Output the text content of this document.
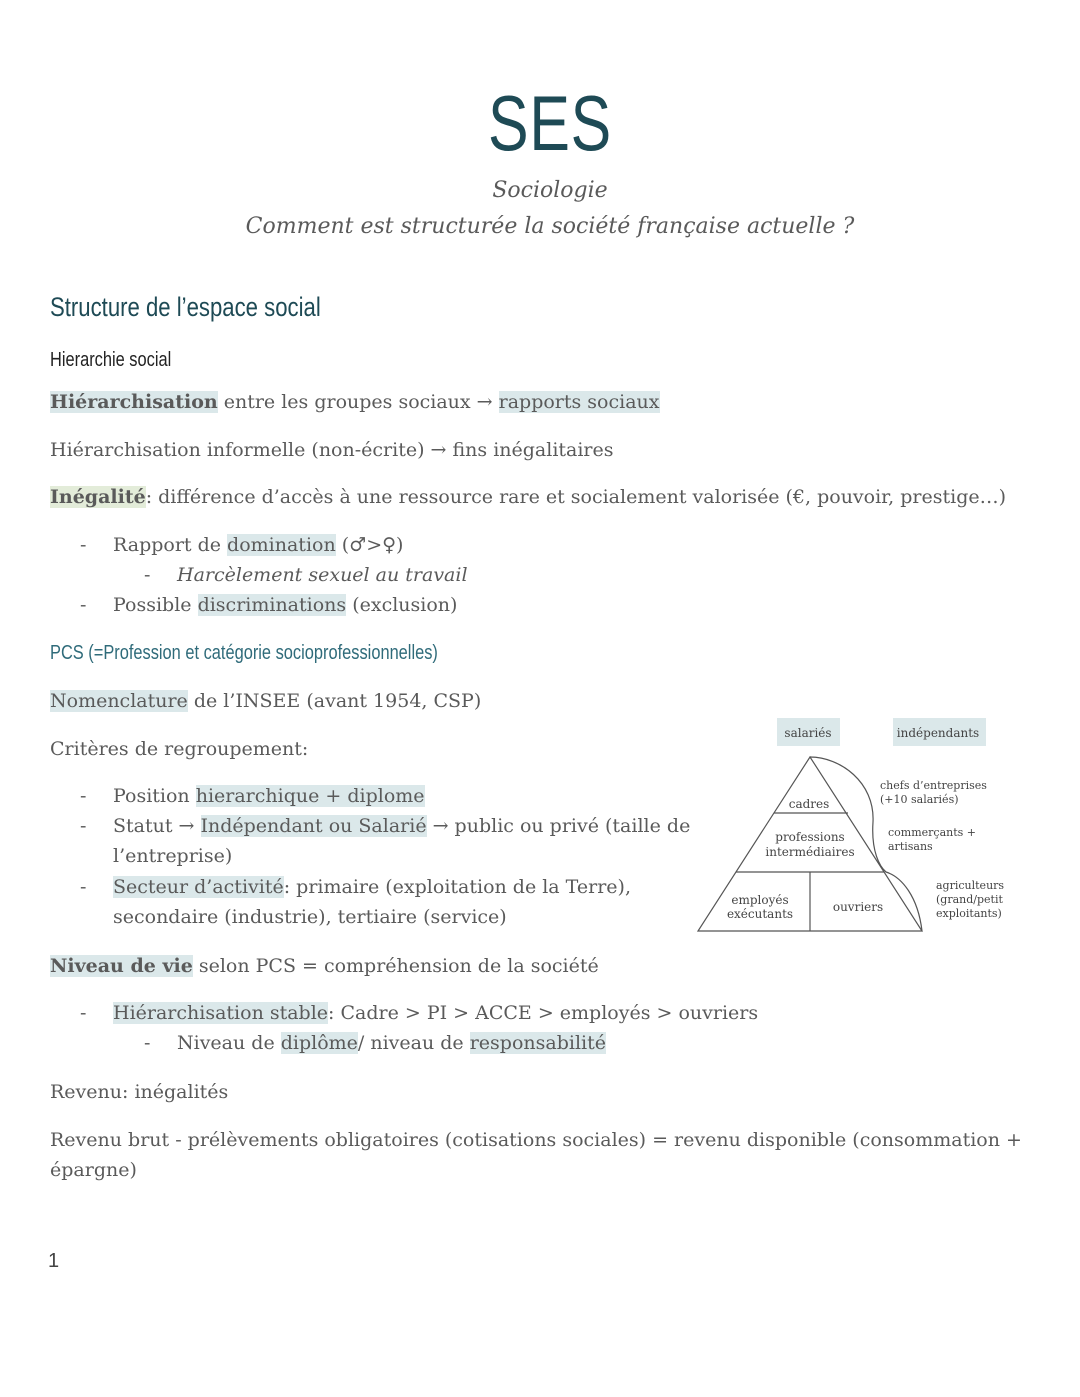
SES
Sociologie
Comment est structurée la société française actuelle ?
Structure de l’espace social
Hierarchie social
Hiérarchisation entre les groupes sociaux → rapports sociaux
Hiérarchisation informelle (non-écrite) → fins inégalitaires
Inégalité: différence d’accès à une ressource rare et socialement valorisée (€, pouvoir, prestige…)
- Rapport de domination (♂>♀)
- Harcèlement sexuel au travail
- Possible discriminations (exclusion)
PCS (=Profession et catégorie socioprofessionnelles)
Nomenclature de l’INSEE (avant 1954, CSP)
Critères de regroupement:
- Position hierarchique + diplome
- Statut → Indépendant ou Salarié → public ou privé (taille de
l’entreprise)
- Secteur d’activité: primaire (exploitation de la Terre),
secondaire (industrie), tertiaire (service)
Niveau de vie selon PCS = compréhension de la société
- Hiérarchisation stable: Cadre > PI > ACCE > employés > ouvriers
- Niveau de diplôme/ niveau de responsabilité
Revenu: inégalités
Revenu brut - prélèvements obligatoires (cotisations sociales) = revenu disponible (consommation +
épargne)
1
salariés	indépendants
cadres
professions
intermédiaires
employés
exécutants	ouvriers
chefs d’entreprises
(+10 salariés)
commerçants +
artisans
agriculteurs
(grand/petit
exploitants)
